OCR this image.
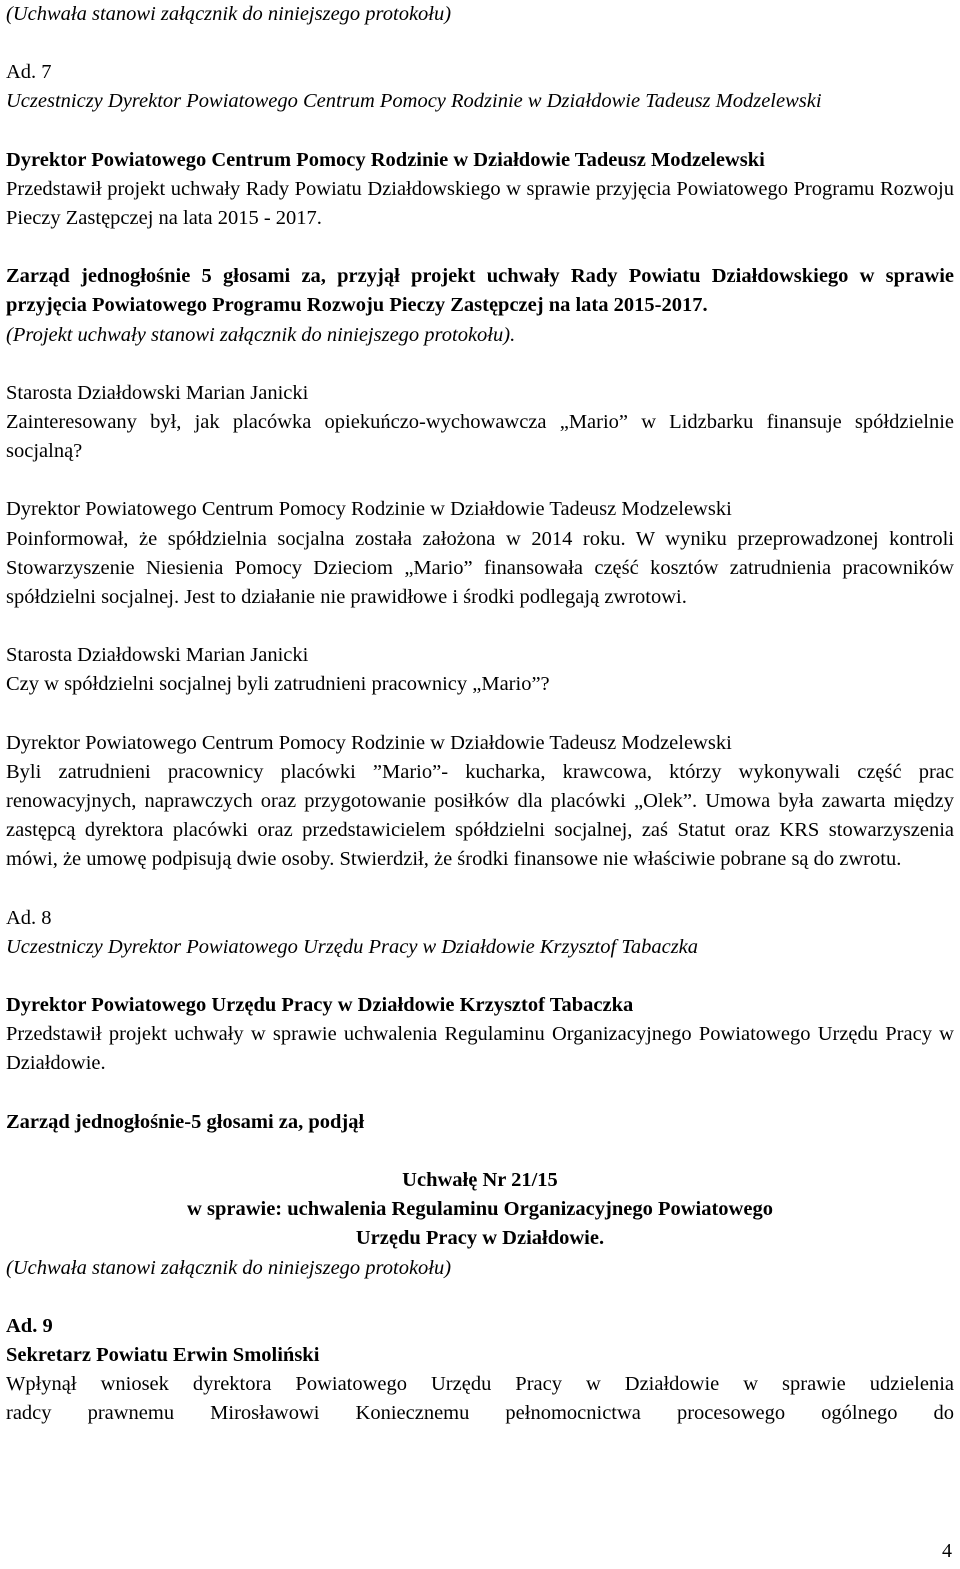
(Uchwała stanowi załącznik do niniejszego protokołu)

Ad. 7

Uczestniczy Dyrektor Powiatowego Centrum Pomocy Rodzinie w Działdowie Tadeusz Modzelewski

Dyrektor Powiatowego Centrum Pomocy Rodzinie w Działdowie Tadeusz Modzelewski

Przedstawił projekt uchwały Rady Powiatu Działdowskiego w sprawie przyjęcia Powiatowego Programu Rozwoju Pieczy Zastępczej na lata 2015 - 2017.

Zarząd jednogłośnie 5 głosami za, przyjął projekt uchwały Rady Powiatu Działdowskiego w sprawie przyjęcia Powiatowego Programu Rozwoju Pieczy Zastępczej na lata 2015-2017.

(Projekt uchwały stanowi załącznik do niniejszego protokołu).

Starosta Działdowski Marian Janicki

Zainteresowany był, jak placówka opiekuńczo-wychowawcza „Mario” w Lidzbarku finansuje spółdzielnie socjalną?

Dyrektor Powiatowego Centrum Pomocy Rodzinie w Działdowie Tadeusz Modzelewski

Poinformował, że spółdzielnia socjalna została założona w 2014 roku. W wyniku przeprowadzonej kontroli Stowarzyszenie Niesienia Pomocy Dzieciom „Mario” finansowała część kosztów zatrudnienia pracowników spółdzielni socjalnej. Jest to działanie nie prawidłowe i środki podlegają zwrotowi.

Starosta Działdowski Marian Janicki

Czy w spółdzielni socjalnej byli zatrudnieni pracownicy „Mario”?

Dyrektor Powiatowego Centrum Pomocy Rodzinie w Działdowie Tadeusz Modzelewski

Byli zatrudnieni pracownicy placówki ”Mario”- kucharka, krawcowa, którzy wykonywali część prac renowacyjnych, naprawczych oraz przygotowanie posiłków dla placówki „Olek”. Umowa była zawarta między zastępcą dyrektora placówki oraz przedstawicielem spółdzielni socjalnej, zaś Statut oraz KRS stowarzyszenia mówi, że umowę podpisują dwie osoby. Stwierdził, że środki finansowe nie właściwie pobrane są do zwrotu.

Ad. 8

Uczestniczy Dyrektor Powiatowego Urzędu Pracy w Działdowie Krzysztof Tabaczka

Dyrektor Powiatowego Urzędu Pracy w Działdowie Krzysztof Tabaczka

Przedstawił projekt uchwały w sprawie uchwalenia Regulaminu Organizacyjnego Powiatowego Urzędu Pracy w Działdowie.

Zarząd jednogłośnie-5 głosami za, podjął

Uchwałę Nr 21/15

w sprawie: uchwalenia Regulaminu Organizacyjnego Powiatowego

Urzędu Pracy w Działdowie.

(Uchwała stanowi załącznik do niniejszego protokołu)

Ad. 9

Sekretarz Powiatu Erwin Smoliński

Wpłynął wniosek dyrektora Powiatowego Urzędu Pracy w Działdowie w sprawie udzielenia

radcy prawnemu Mirosławowi Koniecznemu pełnomocnictwa procesowego ogólnego do

4
